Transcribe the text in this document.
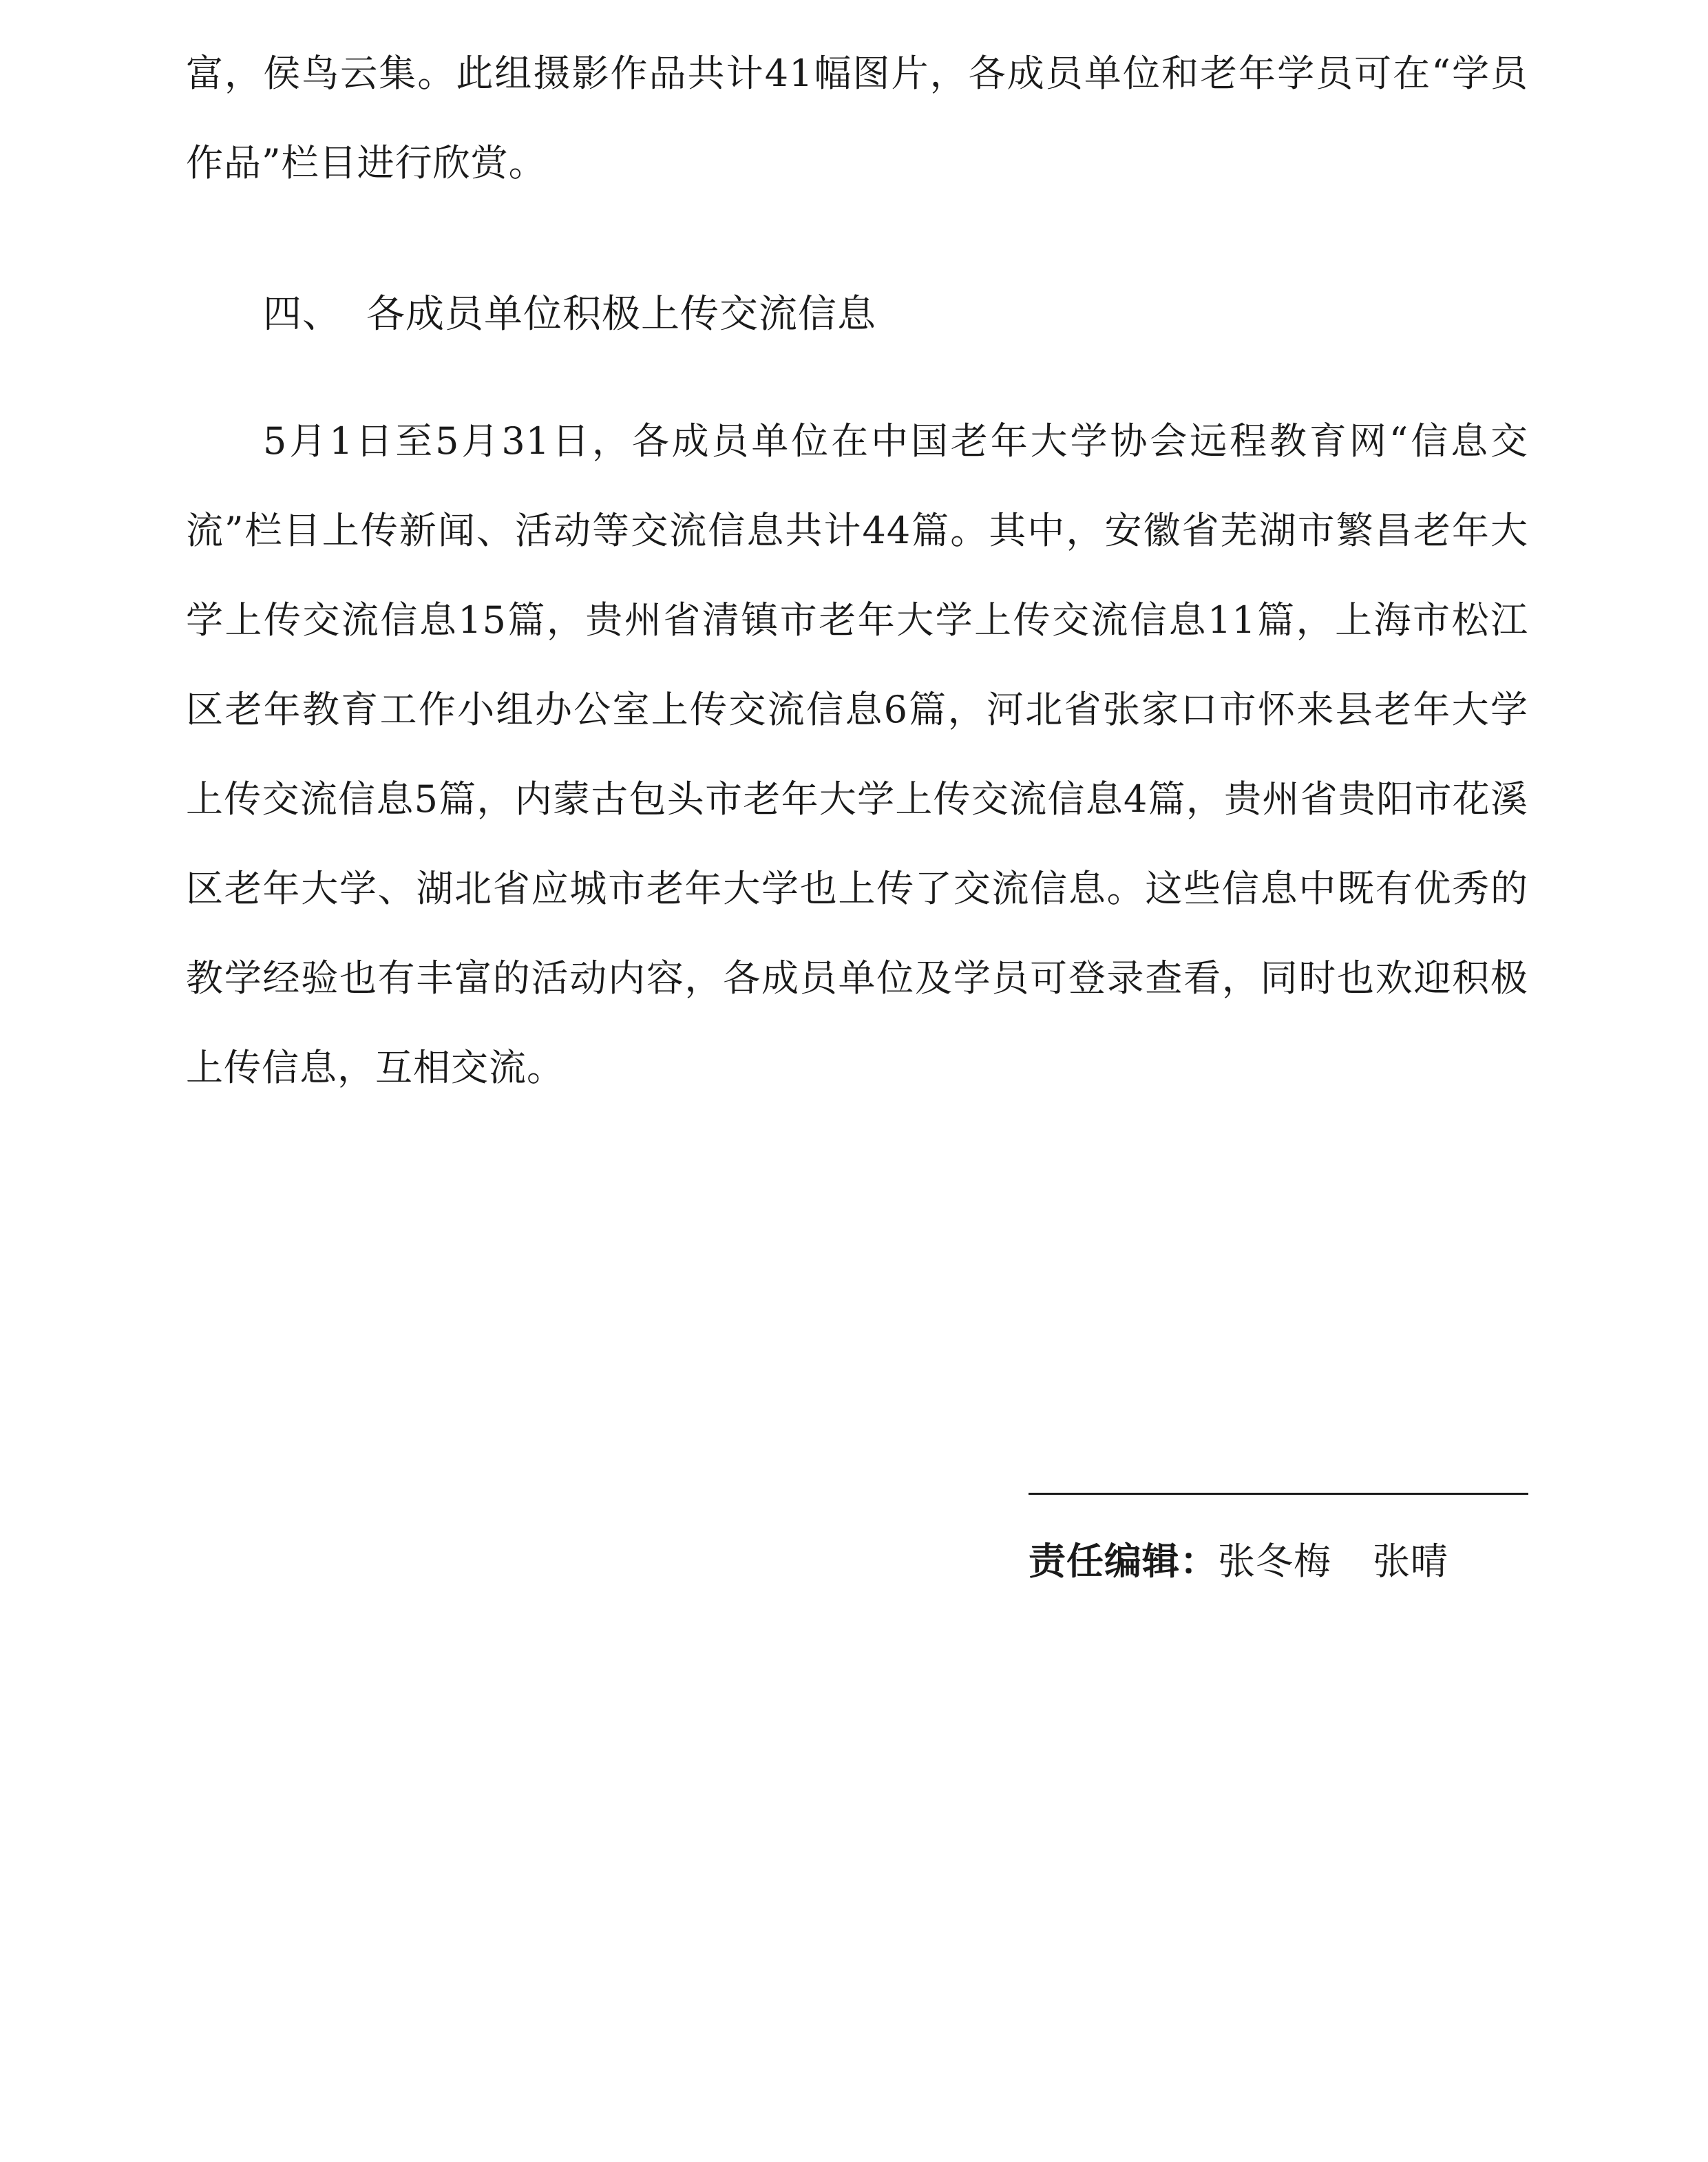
富，侯鸟云集。此组摄影作品共计41幅图片，各成员单位和老年学员可在“学员作品”栏目进行欣赏。

四、 各成员单位积极上传交流信息

5月1日至5月31日，各成员单位在中国老年大学协会远程教育网“信息交流”栏目上传新闻、活动等交流信息共计44篇。其中，安徽省芜湖市繁昌老年大学上传交流信息15篇，贵州省清镇市老年大学上传交流信息11篇，上海市松江区老年教育工作小组办公室上传交流信息6篇，河北省张家口市怀来县老年大学上传交流信息5篇，内蒙古包头市老年大学上传交流信息4篇，贵州省贵阳市花溪区老年大学、湖北省应城市老年大学也上传了交流信息。这些信息中既有优秀的教学经验也有丰富的活动内容，各成员单位及学员可登录查看，同时也欢迎积极上传信息，互相交流。

责任编辑：张冬梅 张晴
